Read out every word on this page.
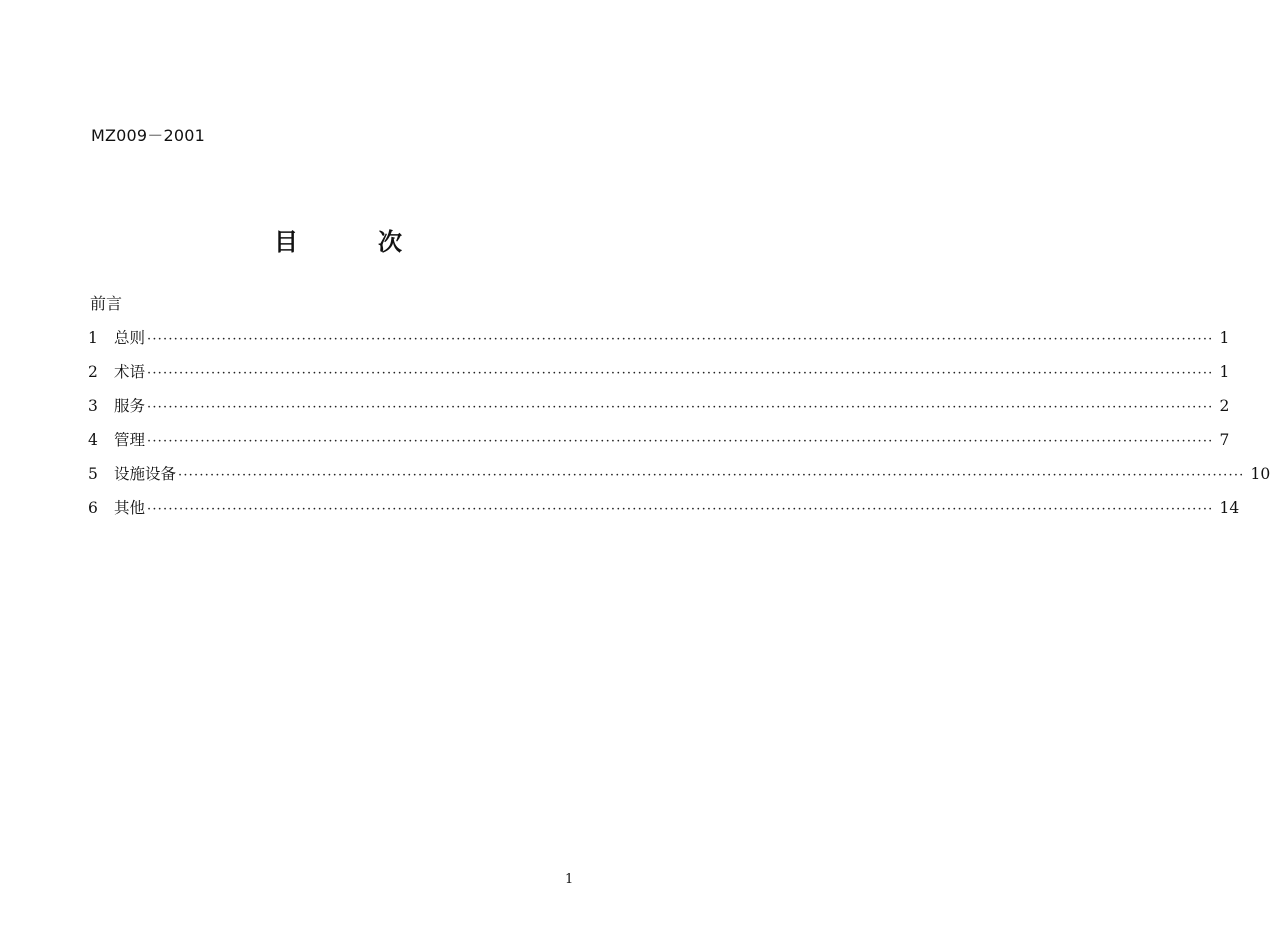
MZ009－2001
目	次
前言
1	总则 ········································································································································································································ 1
2	术语 ········································································································································································································ 1
3	服务 ········································································································································································································ 2
4	管理 ········································································································································································································ 7
5	设施设备 ········································································································································································································ 10
6	其他 ········································································································································································································ 14
1
